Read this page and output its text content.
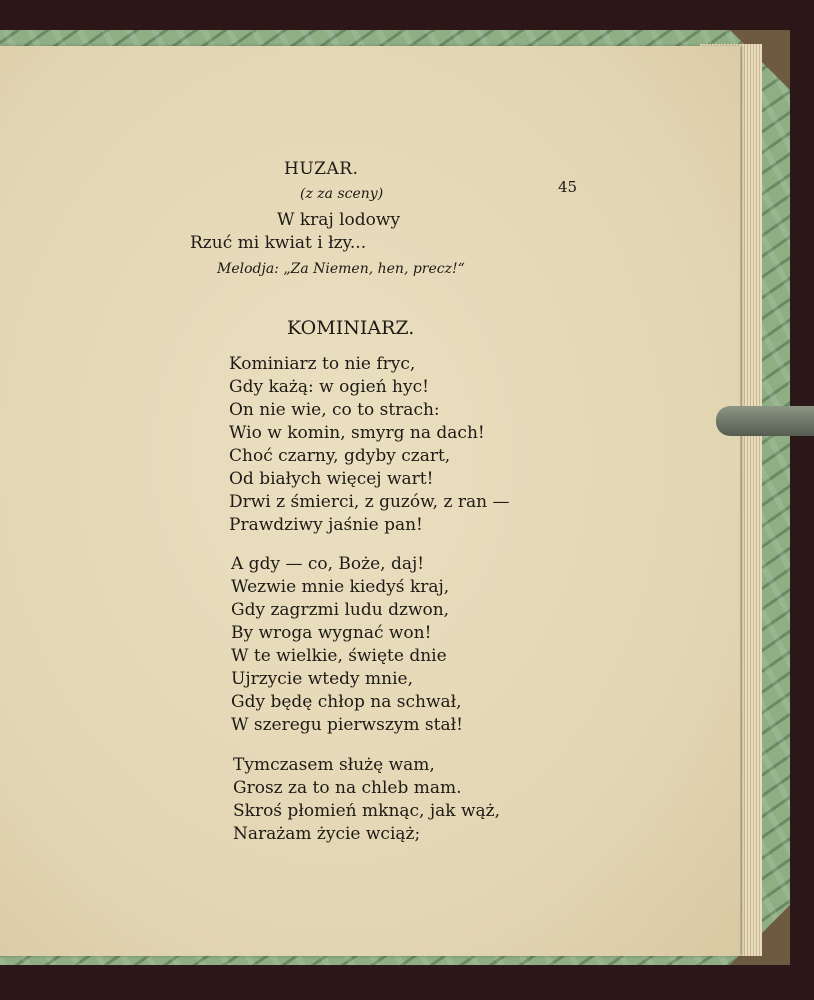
45
HUZAR.
(z za sceny)
W kraj lodowy
Rzuć mi kwiat i łzy...
Melodja: „Za Niemen, hen, precz!“
KOMINIARZ.
Kominiarz to nie fryc,
Gdy każą: w ogień hyc!
On nie wie, co to strach:
Wio w komin, smyrg na dach!
Choć czarny, gdyby czart,
Od białych więcej wart!
Drwi z śmierci, z guzów, z ran —
Prawdziwy jaśnie pan!
A gdy — co, Boże, daj!
Wezwie mnie kiedyś kraj,
Gdy zagrzmi ludu dzwon,
By wroga wygnać won!
W te wielkie, święte dnie
Ujrzycie wtedy mnie,
Gdy będę chłop na schwał,
W szeregu pierwszym stał!
Tymczasem służę wam,
Grosz za to na chleb mam.
Skroś płomień mknąc, jak wąż,
Narażam życie wciąż;
